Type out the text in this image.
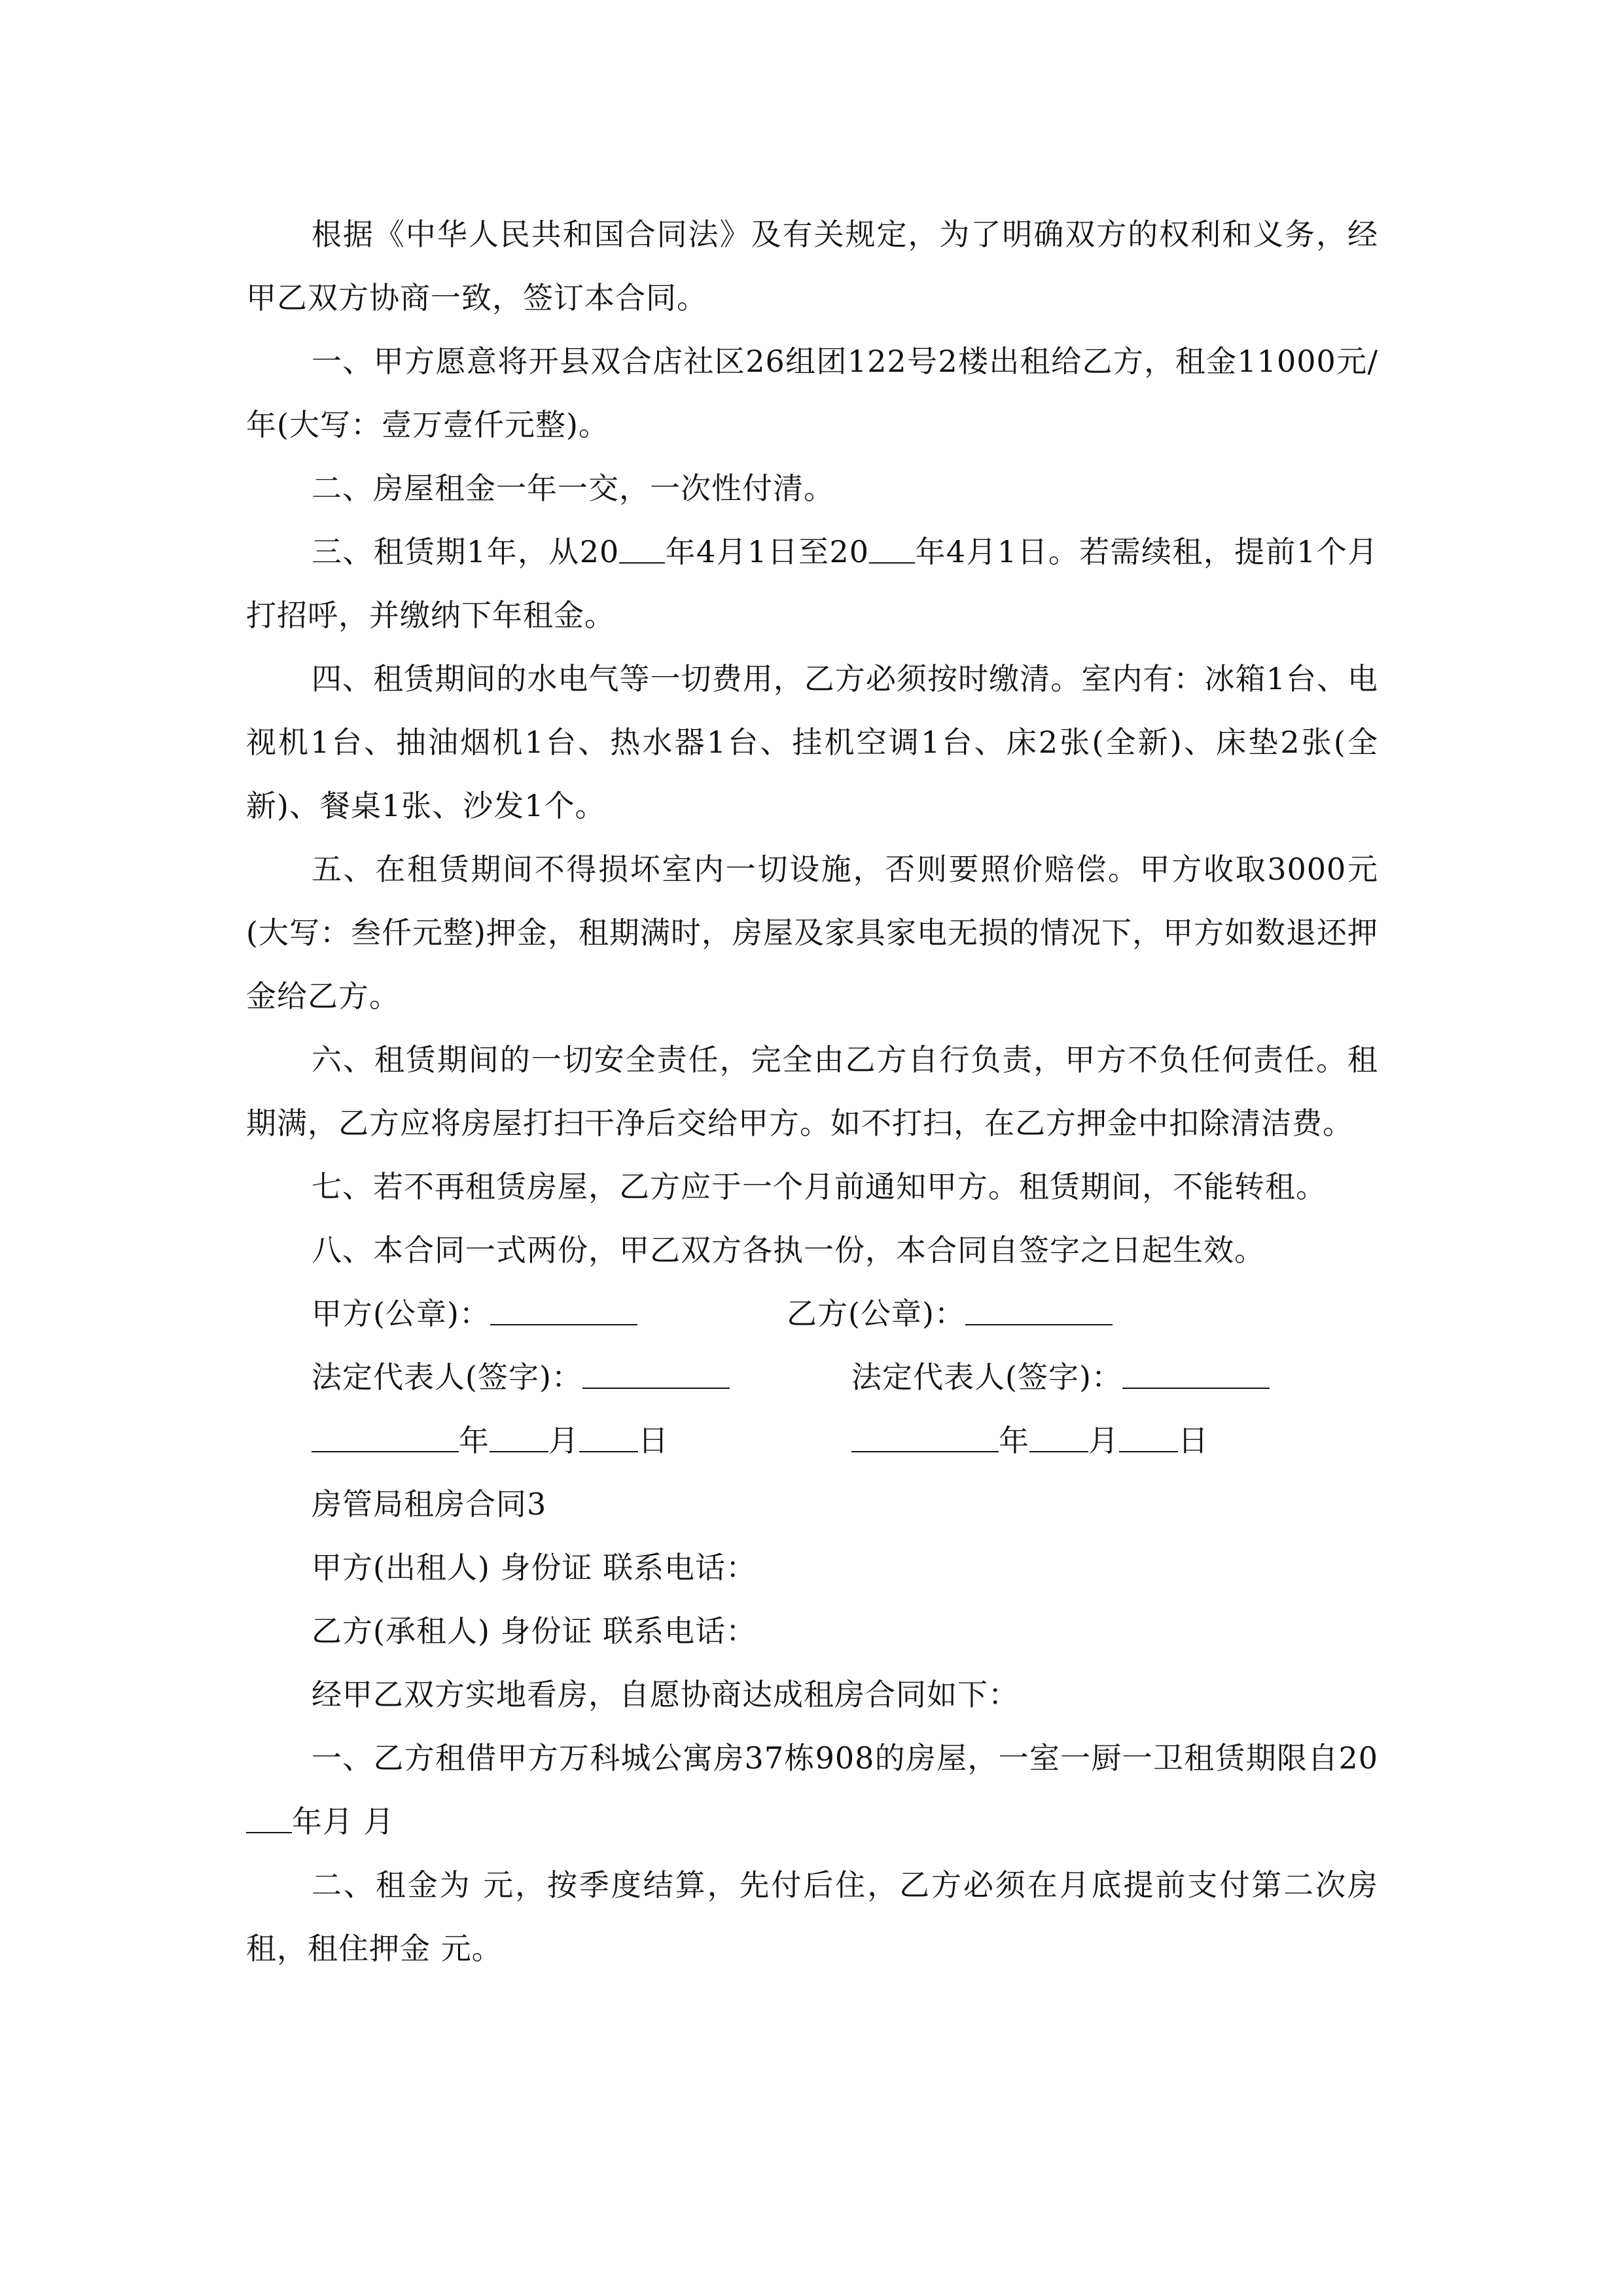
根据《中华人民共和国合同法》及有关规定，为了明确双方的权利和义务，经甲乙双方协商一致，签订本合同。

一、甲方愿意将开县双合店社区26组团122号2楼出租给乙方，租金11000元/年(大写：壹万壹仟元整)。

二、房屋租金一年一交，一次性付清。

三、租赁期1年，从20 年4月1日至20 年4月1日。若需续租，提前1个月打招呼，并缴纳下年租金。

四、租赁期间的水电气等一切费用，乙方必须按时缴清。室内有：冰箱1台、电视机1台、抽油烟机1台、热水器1台、挂机空调1台、床2张(全新)、床垫2张(全新)、餐桌1张、沙发1个。

五、在租赁期间不得损坏室内一切设施，否则要照价赔偿。甲方收取3000元(大写：叁仟元整)押金，租期满时，房屋及家具家电无损的情况下，甲方如数退还押金给乙方。

六、租赁期间的一切安全责任，完全由乙方自行负责，甲方不负任何责任。租期满，乙方应将房屋打扫干净后交给甲方。如不打扫，在乙方押金中扣除清洁费。

七、若不再租赁房屋，乙方应于一个月前通知甲方。租赁期间，不能转租。

八、本合同一式两份，甲乙双方各执一份，本合同自签字之日起生效。

甲方(公章)：	乙方(公章)：
法定代表人(签字)：	法定代表人(签字)：
年 月 日	年 月 日

房管局租房合同3

甲方(出租人) 身份证 联系电话：

乙方(承租人) 身份证 联系电话：

经甲乙双方实地看房，自愿协商达成租房合同如下：

一、乙方租借甲方万科城公寓房37栋908的房屋，一室一厨一卫租赁期限自20年月 月

二、租金为 元，按季度结算，先付后住，乙方必须在月底提前支付第二次房租，租住押金 元。
